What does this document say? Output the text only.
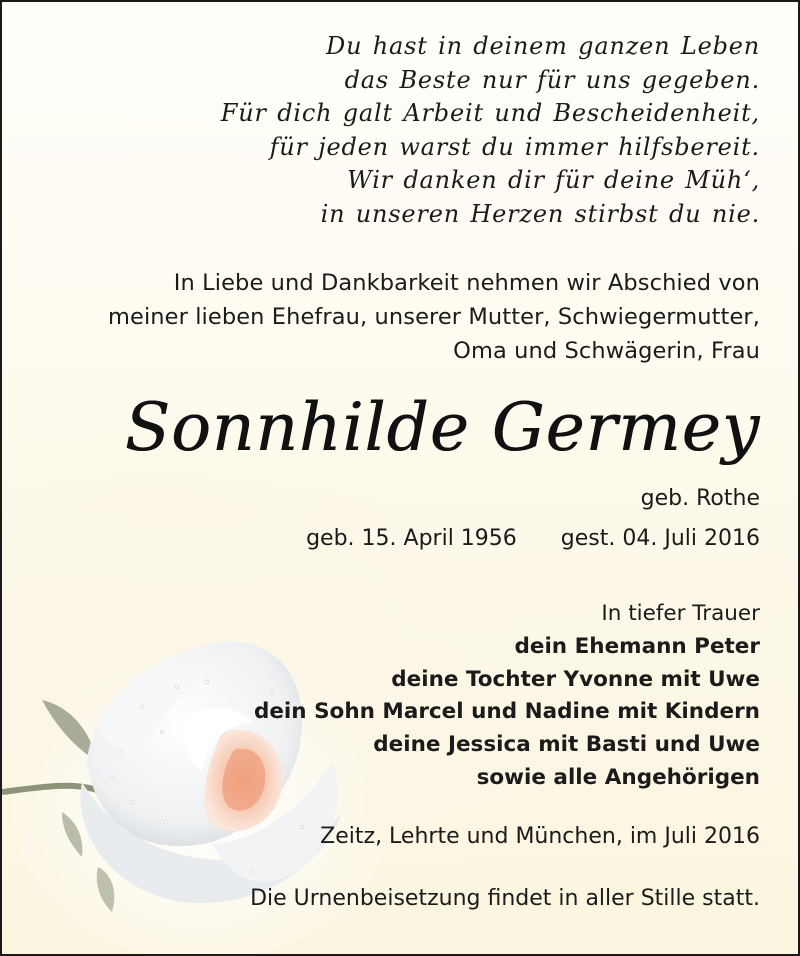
Du hast in deinem ganzen Leben
das Beste nur für uns gegeben.
Für dich galt Arbeit und Bescheidenheit,
für jeden warst du immer hilfsbereit.
Wir danken dir für deine Müh‘,
in unseren Herzen stirbst du nie.
In Liebe und Dankbarkeit nehmen wir Abschied von
meiner lieben Ehefrau, unserer Mutter, Schwiegermutter,
Oma und Schwägerin, Frau
Sonnhilde Germey
geb. Rothe
geb. 15. April 1956 gest. 04. Juli 2016
In tiefer Trauer
dein Ehemann Peter
deine Tochter Yvonne mit Uwe
dein Sohn Marcel und Nadine mit Kindern
deine Jessica mit Basti und Uwe
sowie alle Angehörigen
Zeitz, Lehrte und München, im Juli 2016
Die Urnenbeisetzung findet in aller Stille statt.
